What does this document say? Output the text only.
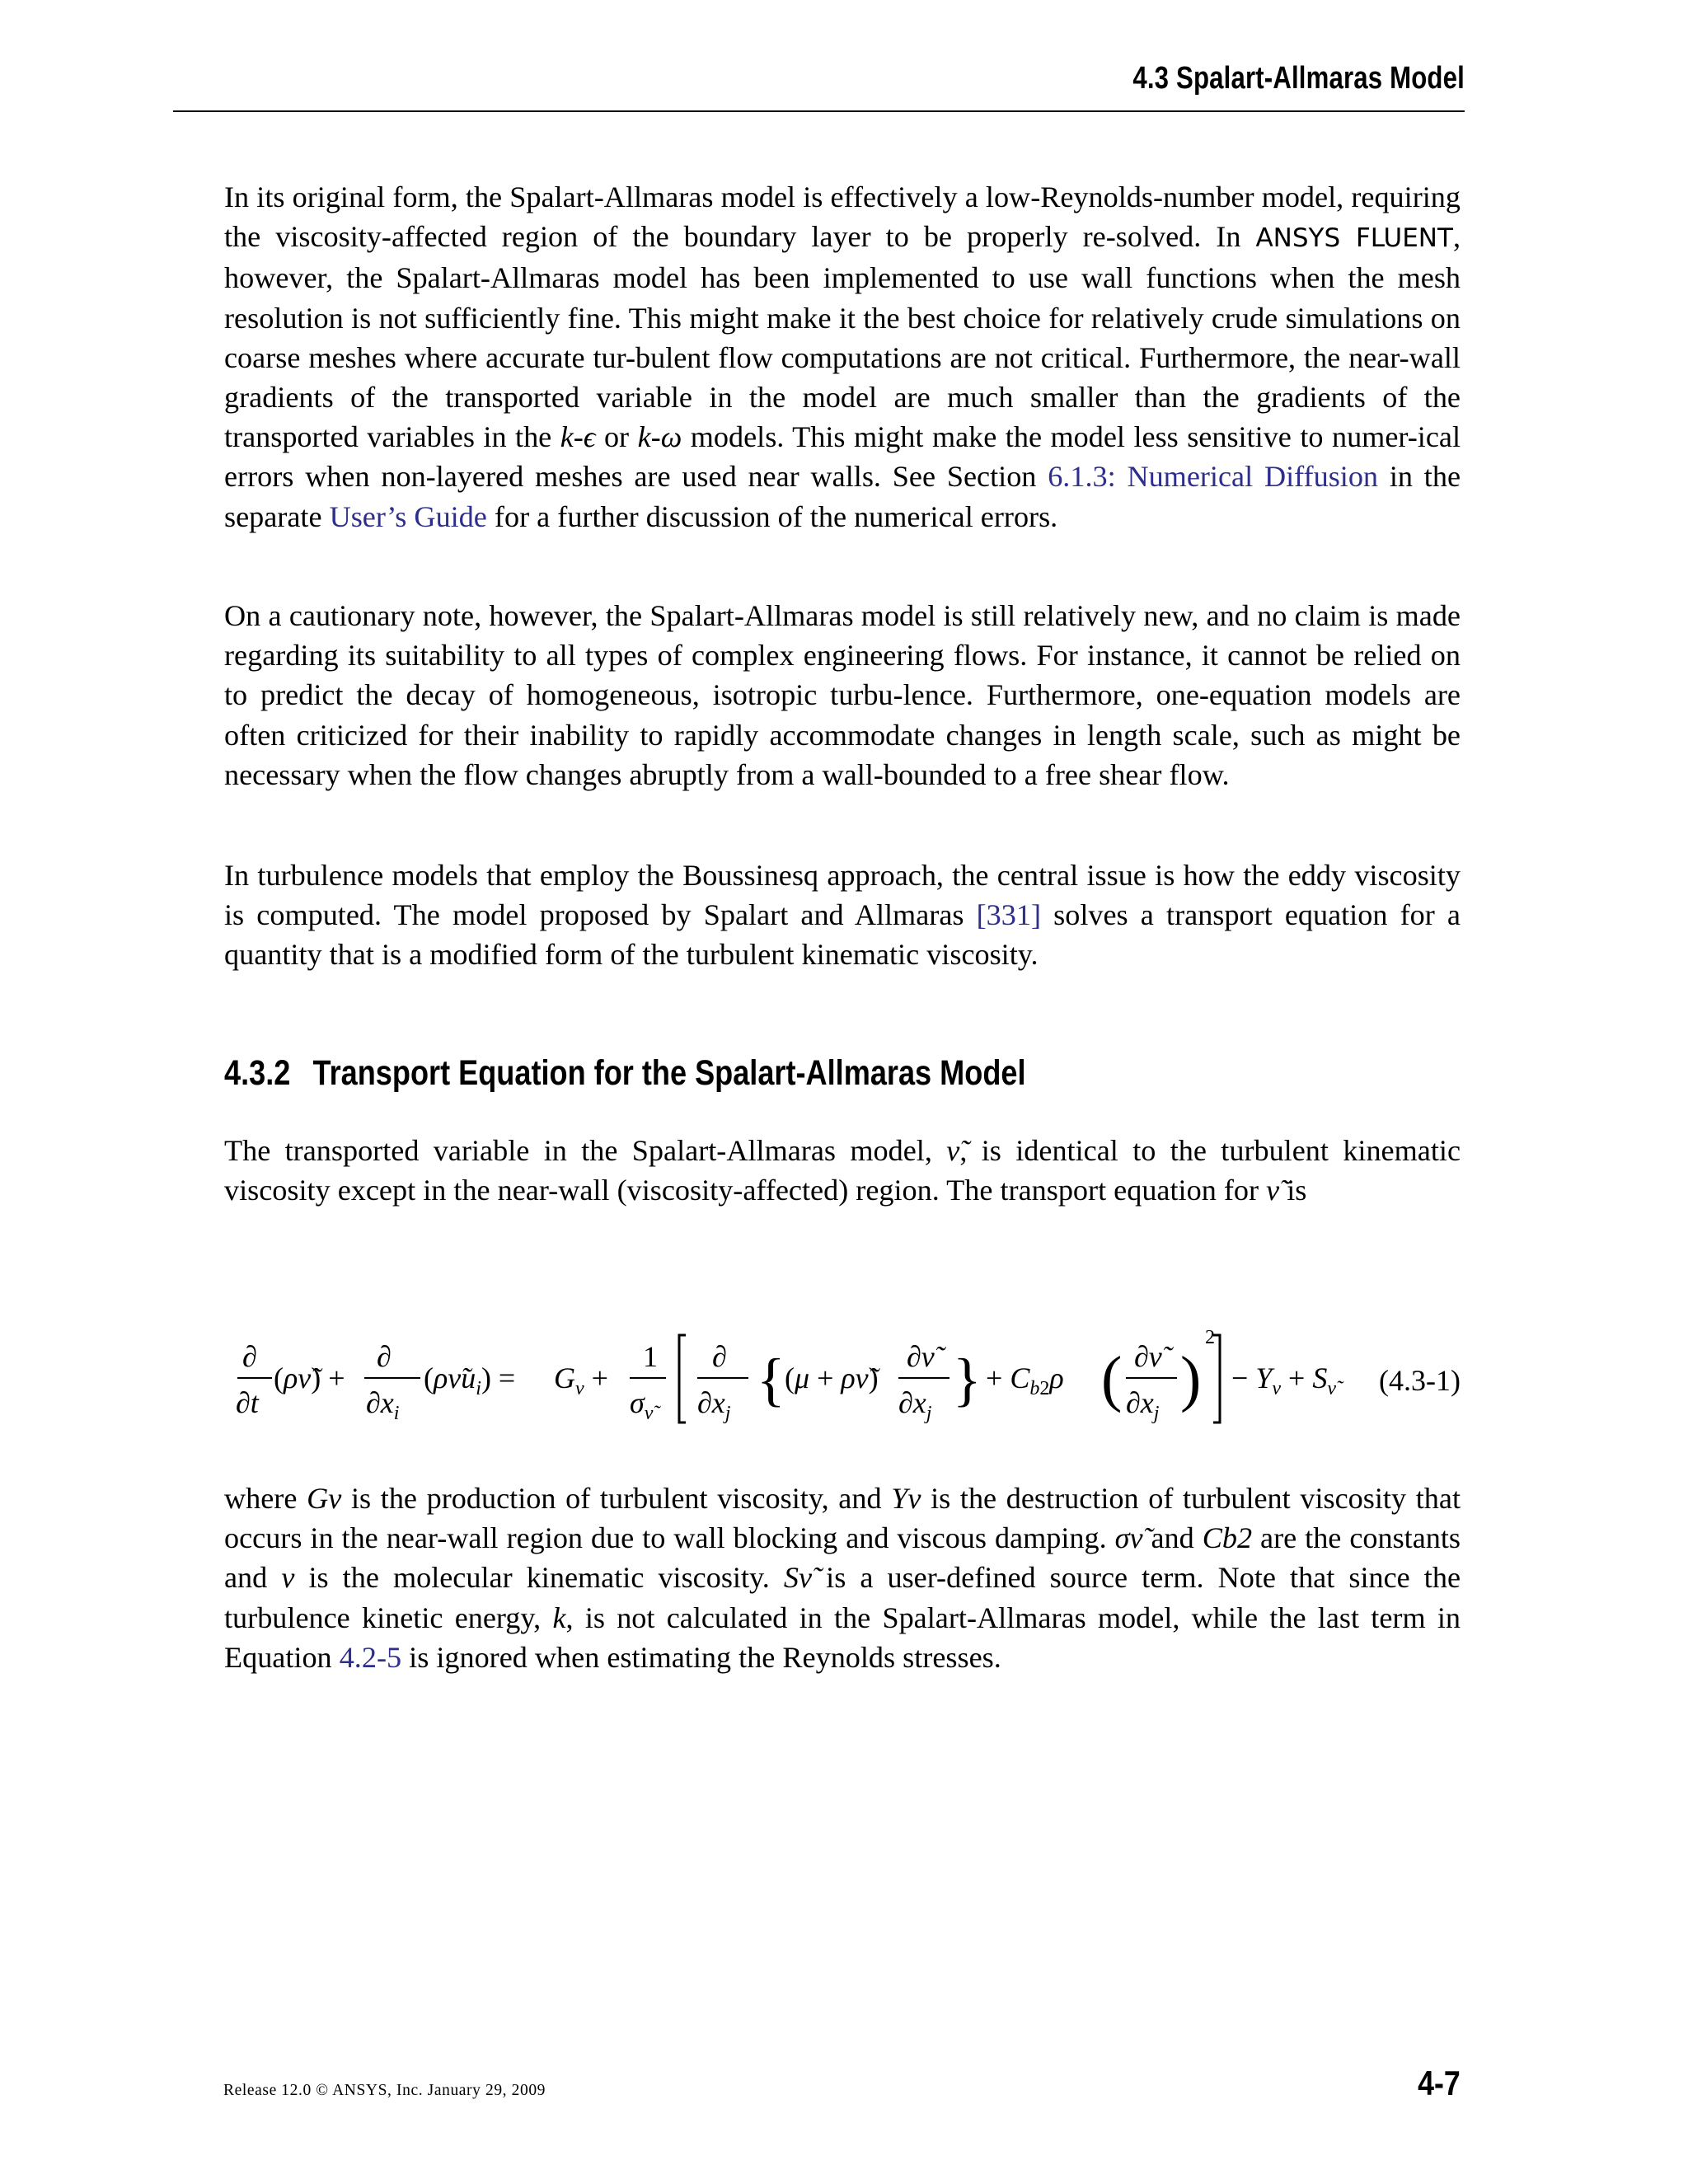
4.3 Spalart-Allmaras Model
In its original form, the Spalart-Allmaras model is effectively a low-Reynolds-number model, requiring the viscosity-affected region of the boundary layer to be properly re-solved. In ANSYS FLUENT, however, the Spalart-Allmaras model has been implemented to use wall functions when the mesh resolution is not sufficiently fine. This might make it the best choice for relatively crude simulations on coarse meshes where accurate tur-bulent flow computations are not critical. Furthermore, the near-wall gradients of the transported variable in the model are much smaller than the gradients of the transported variables in the k-ϵ or k-ω models. This might make the model less sensitive to numer-ical errors when non-layered meshes are used near walls. See Section 6.1.3: Numerical Diffusion in the separate User’s Guide for a further discussion of the numerical errors.
On a cautionary note, however, the Spalart-Allmaras model is still relatively new, and no claim is made regarding its suitability to all types of complex engineering flows. For instance, it cannot be relied on to predict the decay of homogeneous, isotropic turbu-lence. Furthermore, one-equation models are often criticized for their inability to rapidly accommodate changes in length scale, such as might be necessary when the flow changes abruptly from a wall-bounded to a free shear flow.
In turbulence models that employ the Boussinesq approach, the central issue is how the eddy viscosity is computed. The model proposed by Spalart and Allmaras [331] solves a transport equation for a quantity that is a modified form of the turbulent kinematic viscosity.
4.3.2 Transport Equation for the Spalart-Allmaras Model
The transported variable in the Spalart-Allmaras model, ν̃, is identical to the turbulent kinematic viscosity except in the near-wall (viscosity-affected) region. The transport equation for ν̃ is
∂
∂t
(ρν̃) +
∂
$\partial x_i$
$(\rho\nũu_i) = G_\nu$ +
1
$\sigma_{\nũ}$
∂
$\partial x_j$
{ (μ + ρν̃)
∂ν̃
$\partial x_j$
} + $C_b2\rho$ ( ∂ν̃
$\partial x_j$ )
2
− $Y_\nu + S_{\nũ}$ (4.3-1)
where Gν is the production of turbulent viscosity, and Yν is the destruction of turbulent viscosity that occurs in the near-wall region due to wall blocking and viscous damping. σν̃ and Cb2 are the constants and ν is the molecular kinematic viscosity. Sν̃ is a user-defined source term. Note that since the turbulence kinetic energy, k, is not calculated in the Spalart-Allmaras model, while the last term in Equation 4.2-5 is ignored when estimating the Reynolds stresses.
Release 12.0 © ANSYS, Inc. January 29, 2009	4-7
